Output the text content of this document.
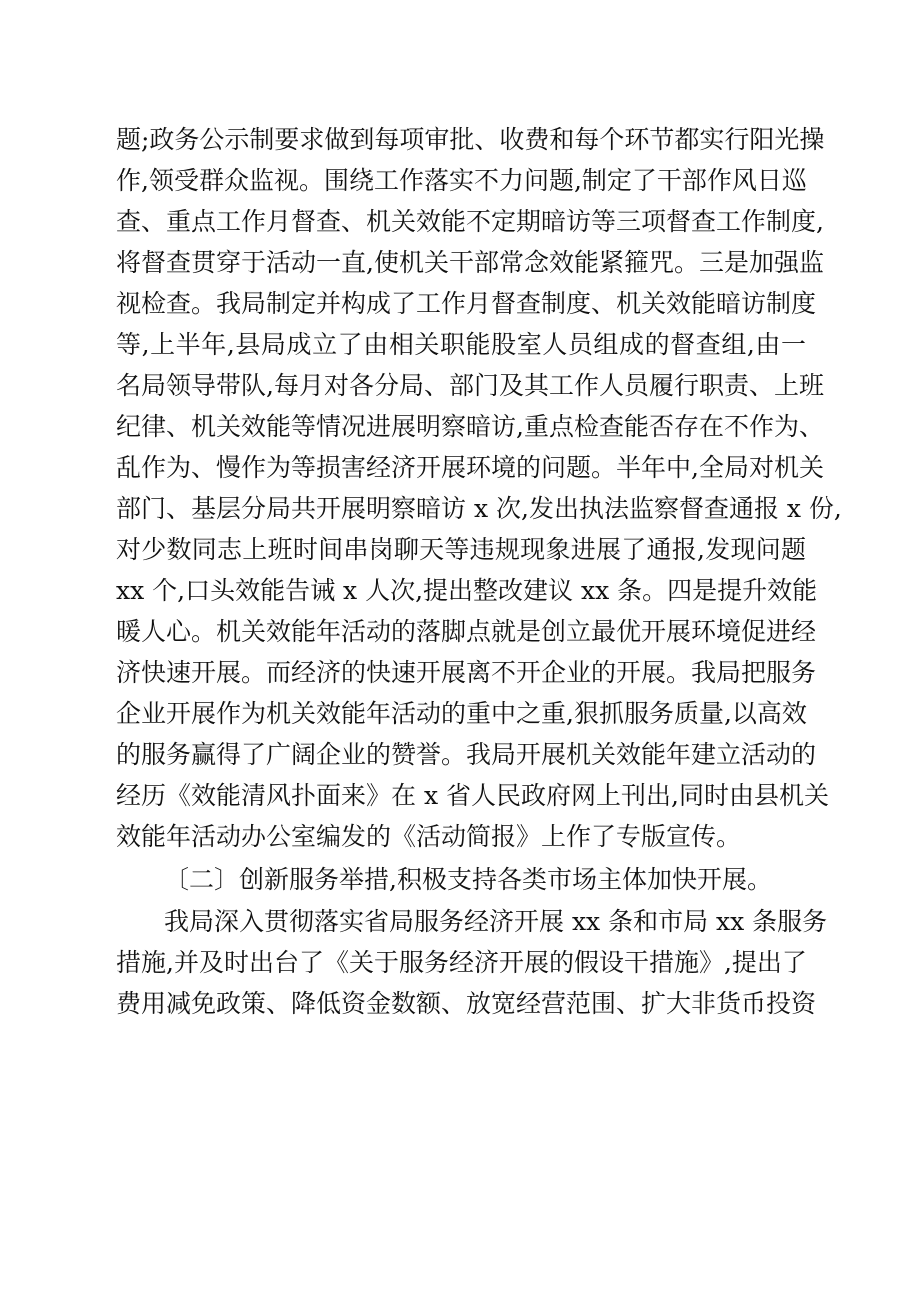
题;政务公示制要求做到每项审批、收费和每个环节都实行阳光操
作,领受群众监视。围绕工作落实不力问题,制定了干部作风日巡
查、重点工作月督查、机关效能不定期暗访等三项督查工作制度,
将督查贯穿于活动一直,使机关干部常念效能紧箍咒。三是加强监
视检查。我局制定并构成了工作月督查制度、机关效能暗访制度
等,上半年,县局成立了由相关职能股室人员组成的督查组,由一
名局领导带队,每月对各分局、部门及其工作人员履行职责、上班
纪律、机关效能等情况进展明察暗访,重点检查能否存在不作为、
乱作为、慢作为等损害经济开展环境的问题。半年中,全局对机关
部门、基层分局共开展明察暗访 x 次,发出执法监察督查通报 x 份,
对少数同志上班时间串岗聊天等违规现象进展了通报,发现问题
xx 个,口头效能告诫 x 人次,提出整改建议 xx 条。四是提升效能
暖人心。机关效能年活动的落脚点就是创立最优开展环境促进经
济快速开展。而经济的快速开展离不开企业的开展。我局把服务
企业开展作为机关效能年活动的重中之重,狠抓服务质量,以高效
的服务赢得了广阔企业的赞誉。我局开展机关效能年建立活动的
经历《效能清风扑面来》在 x 省人民政府网上刊出,同时由县机关
效能年活动办公室编发的《活动简报》上作了专版宣传。
〔二〕创新服务举措,积极支持各类市场主体加快开展。
我局深入贯彻落实省局服务经济开展 xx 条和市局 xx 条服务
措施,并及时出台了《关于服务经济开展的假设干措施》,提出了
费用减免政策、降低资金数额、放宽经营范围、扩大非货币投资
